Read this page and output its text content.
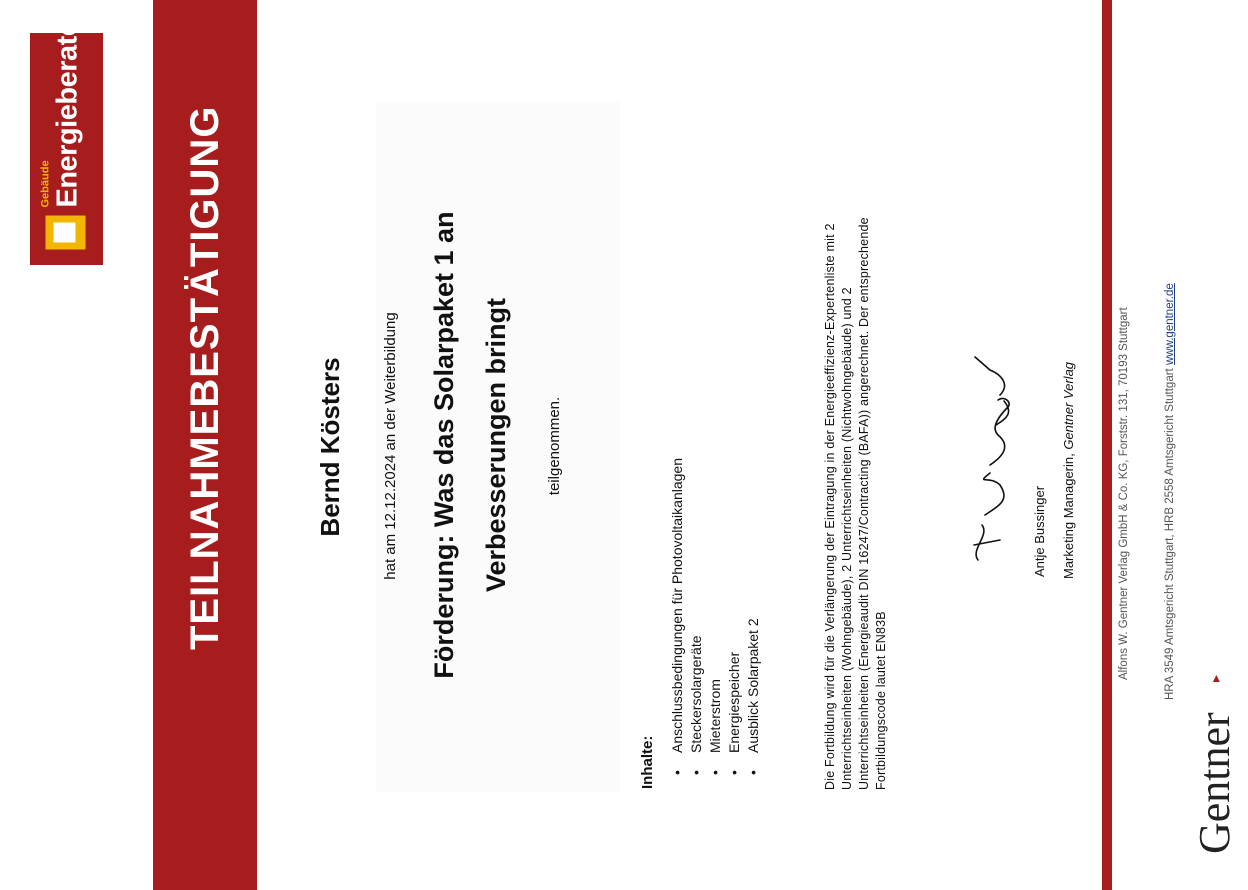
Gebäude Energieberater TEILNAHMEBESTÄTIGUNG	Bernd Kösters hat am 12.12.2024 an der Weiterbildung Förderung: Was das Solarpaket 1 an Verbesserungen bringt teilgenommen.
Inhalte: •Anschlussbedingungen für Photovoltaikanlagen
•Steckersolargeräte
•Mieterstrom
•Energiespeicher
•Ausblick Solarpaket 2	Die Fortbildung wird für die Verlängerung der Eintragung in der Energieeffizienz-Expertenliste mit 2 Unterrichtseinheiten (Wohngebäude), 2 Unterrichtseinheiten (Nichtwohngebäude) und 2 Unterrichtseinheiten (Energieaudit DIN 16247/Contracting (BAFA)) angerechnet. Der entsprechende Fortbildungscode lautet EN83B
Antje Bussinger Marketing Managerin, Gentner Verlag	Alfons W. Gentner Verlag GmbH & Co. KG, Forststr. 131, 70193 Stuttgart	HRA 3549 Amtsgericht Stuttgart, HRB 2558 Amtsgericht Stuttgart www.gentner.de
Gentner
▸
